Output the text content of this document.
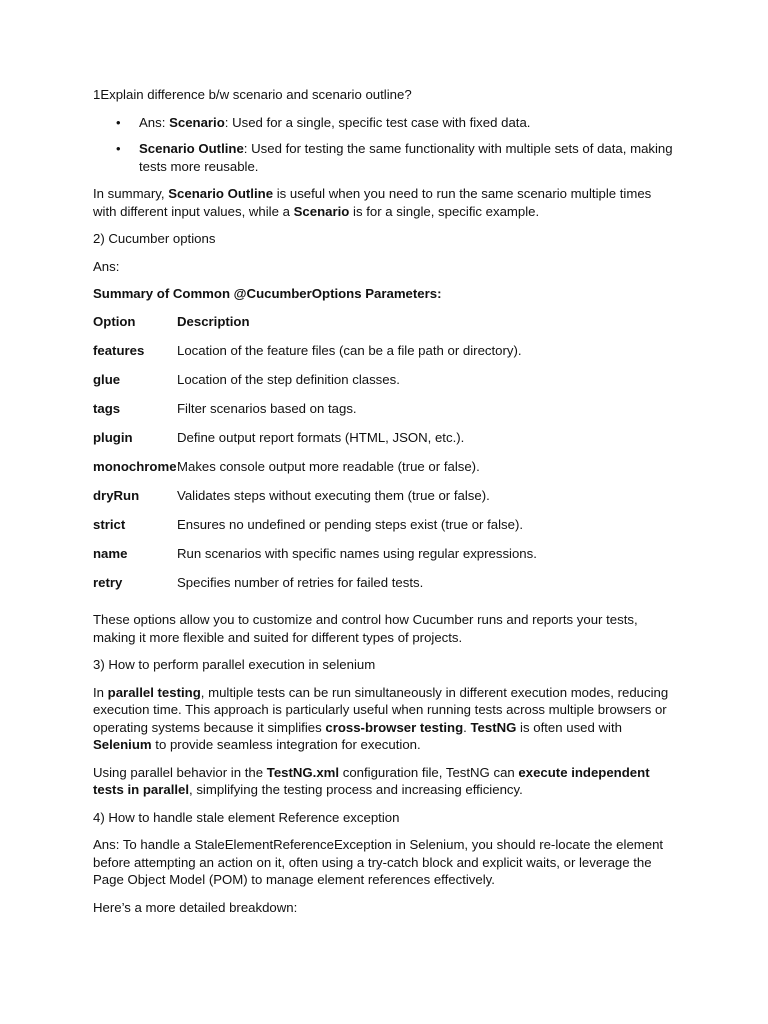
1Explain difference b/w scenario and scenario outline?

• Ans: Scenario: Used for a single, specific test case with fixed data.
• Scenario Outline: Used for testing the same functionality with multiple sets of data, making tests more reusable.

In summary, Scenario Outline is useful when you need to run the same scenario multiple times with different input values, while a Scenario is for a single, specific example.

2) Cucumber options

Ans:

Summary of Common @CucumberOptions Parameters:

Option	Description
features	Location of the feature files (can be a file path or directory).
glue	Location of the step definition classes.
tags	Filter scenarios based on tags.
plugin	Define output report formats (HTML, JSON, etc.).
monochrome	Makes console output more readable (true or false).
dryRun	Validates steps without executing them (true or false).
strict	Ensures no undefined or pending steps exist (true or false).
name	Run scenarios with specific names using regular expressions.
retry	Specifies number of retries for failed tests.

These options allow you to customize and control how Cucumber runs and reports your tests, making it more flexible and suited for different types of projects.

3) How to perform parallel execution in selenium

In parallel testing, multiple tests can be run simultaneously in different execution modes, reducing execution time. This approach is particularly useful when running tests across multiple browsers or operating systems because it simplifies cross-browser testing. TestNG is often used with Selenium to provide seamless integration for execution.

Using parallel behavior in the TestNG.xml configuration file, TestNG can execute independent tests in parallel, simplifying the testing process and increasing efficiency.

4) How to handle stale element Reference exception

Ans: To handle a StaleElementReferenceException in Selenium, you should re-locate the element before attempting an action on it, often using a try-catch block and explicit waits, or leverage the Page Object Model (POM) to manage element references effectively.

Here’s a more detailed breakdown:
